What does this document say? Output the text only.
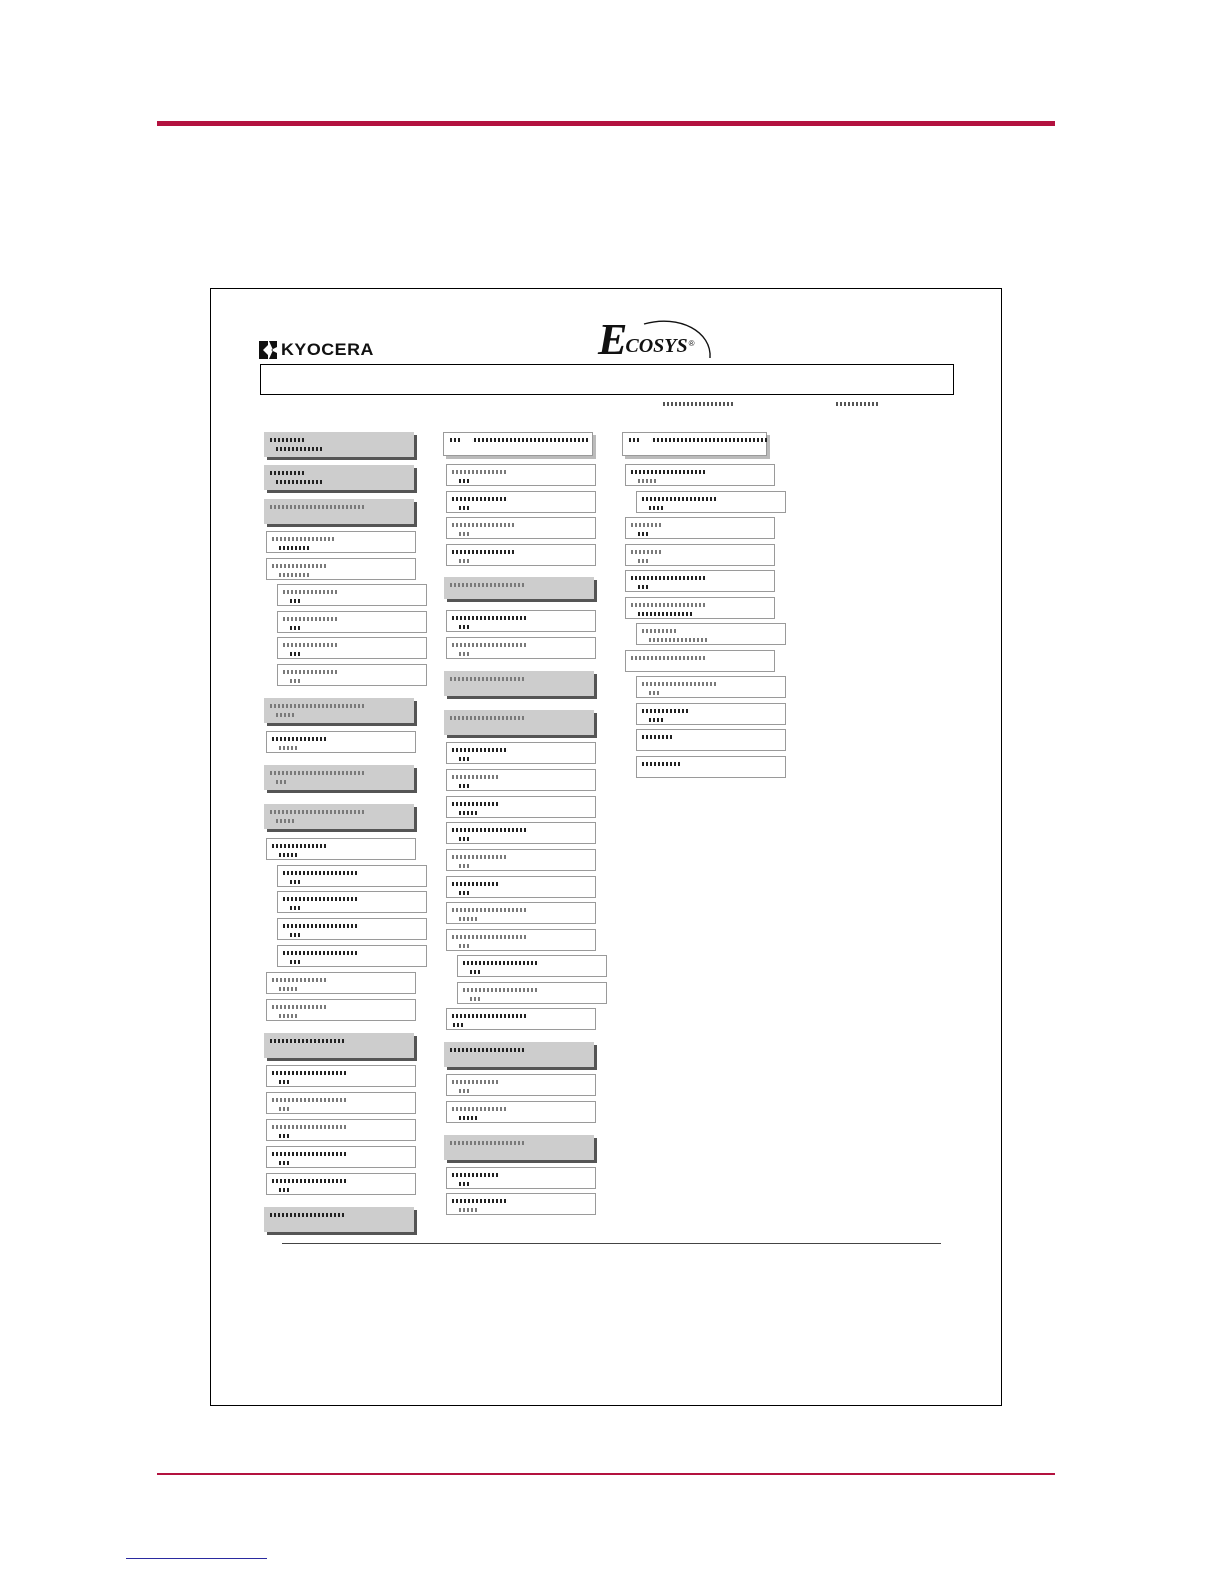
KYOCERA	E
COSYS ®
